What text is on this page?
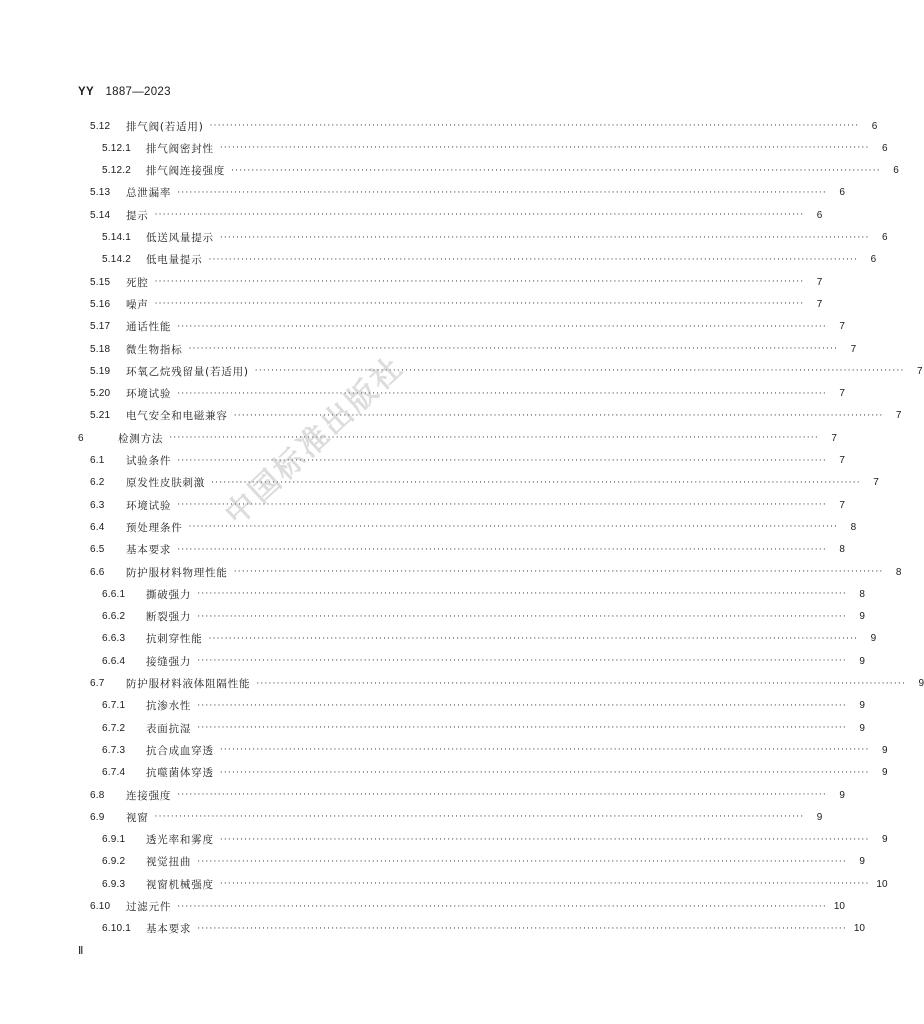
YY 1887—2023
5.12	排气阀(若适用) ································································································································································	6
5.12.1	排气阀密封性 ································································································································································	6
5.12.2	排气阀连接强度 ································································································································································	6
5.13	总泄漏率 ································································································································································	6
5.14	提示 ································································································································································	6
5.14.1	低送风量提示 ································································································································································	6
5.14.2	低电量提示 ································································································································································	6
5.15	死腔 ································································································································································	7
5.16	噪声 ································································································································································	7
5.17	通话性能 ································································································································································	7
5.18	微生物指标 ································································································································································	7
5.19	环氧乙烷残留量(若适用) ································································································································································	7
5.20	环境试验 ································································································································································	7
5.21	电气安全和电磁兼容 ································································································································································	7
6	检测方法 ································································································································································	7
6.1	试验条件 ································································································································································	7
6.2	原发性皮肤刺激 ································································································································································	7
6.3	环境试验 ································································································································································	7
6.4	预处理条件 ································································································································································	8
6.5	基本要求 ································································································································································	8
6.6	防护服材料物理性能 ································································································································································	8
6.6.1	撕破强力 ································································································································································	8
6.6.2	断裂强力 ································································································································································	9
6.6.3	抗刺穿性能 ································································································································································	9
6.6.4	接缝强力 ································································································································································	9
6.7	防护服材料液体阻隔性能 ································································································································································	9
6.7.1	抗渗水性 ································································································································································	9
6.7.2	表面抗湿 ································································································································································	9
6.7.3	抗合成血穿透 ································································································································································	9
6.7.4	抗噬菌体穿透 ································································································································································	9
6.8	连接强度 ································································································································································	9
6.9	视窗 ································································································································································	9
6.9.1	透光率和雾度 ································································································································································	9
6.9.2	视觉扭曲 ································································································································································	9
6.9.3	视窗机械强度 ································································································································································ 10
6.10	过滤元件 ································································································································································ 10
6.10.1	基本要求 ································································································································································ 10
中国标准出版社
Ⅱ
